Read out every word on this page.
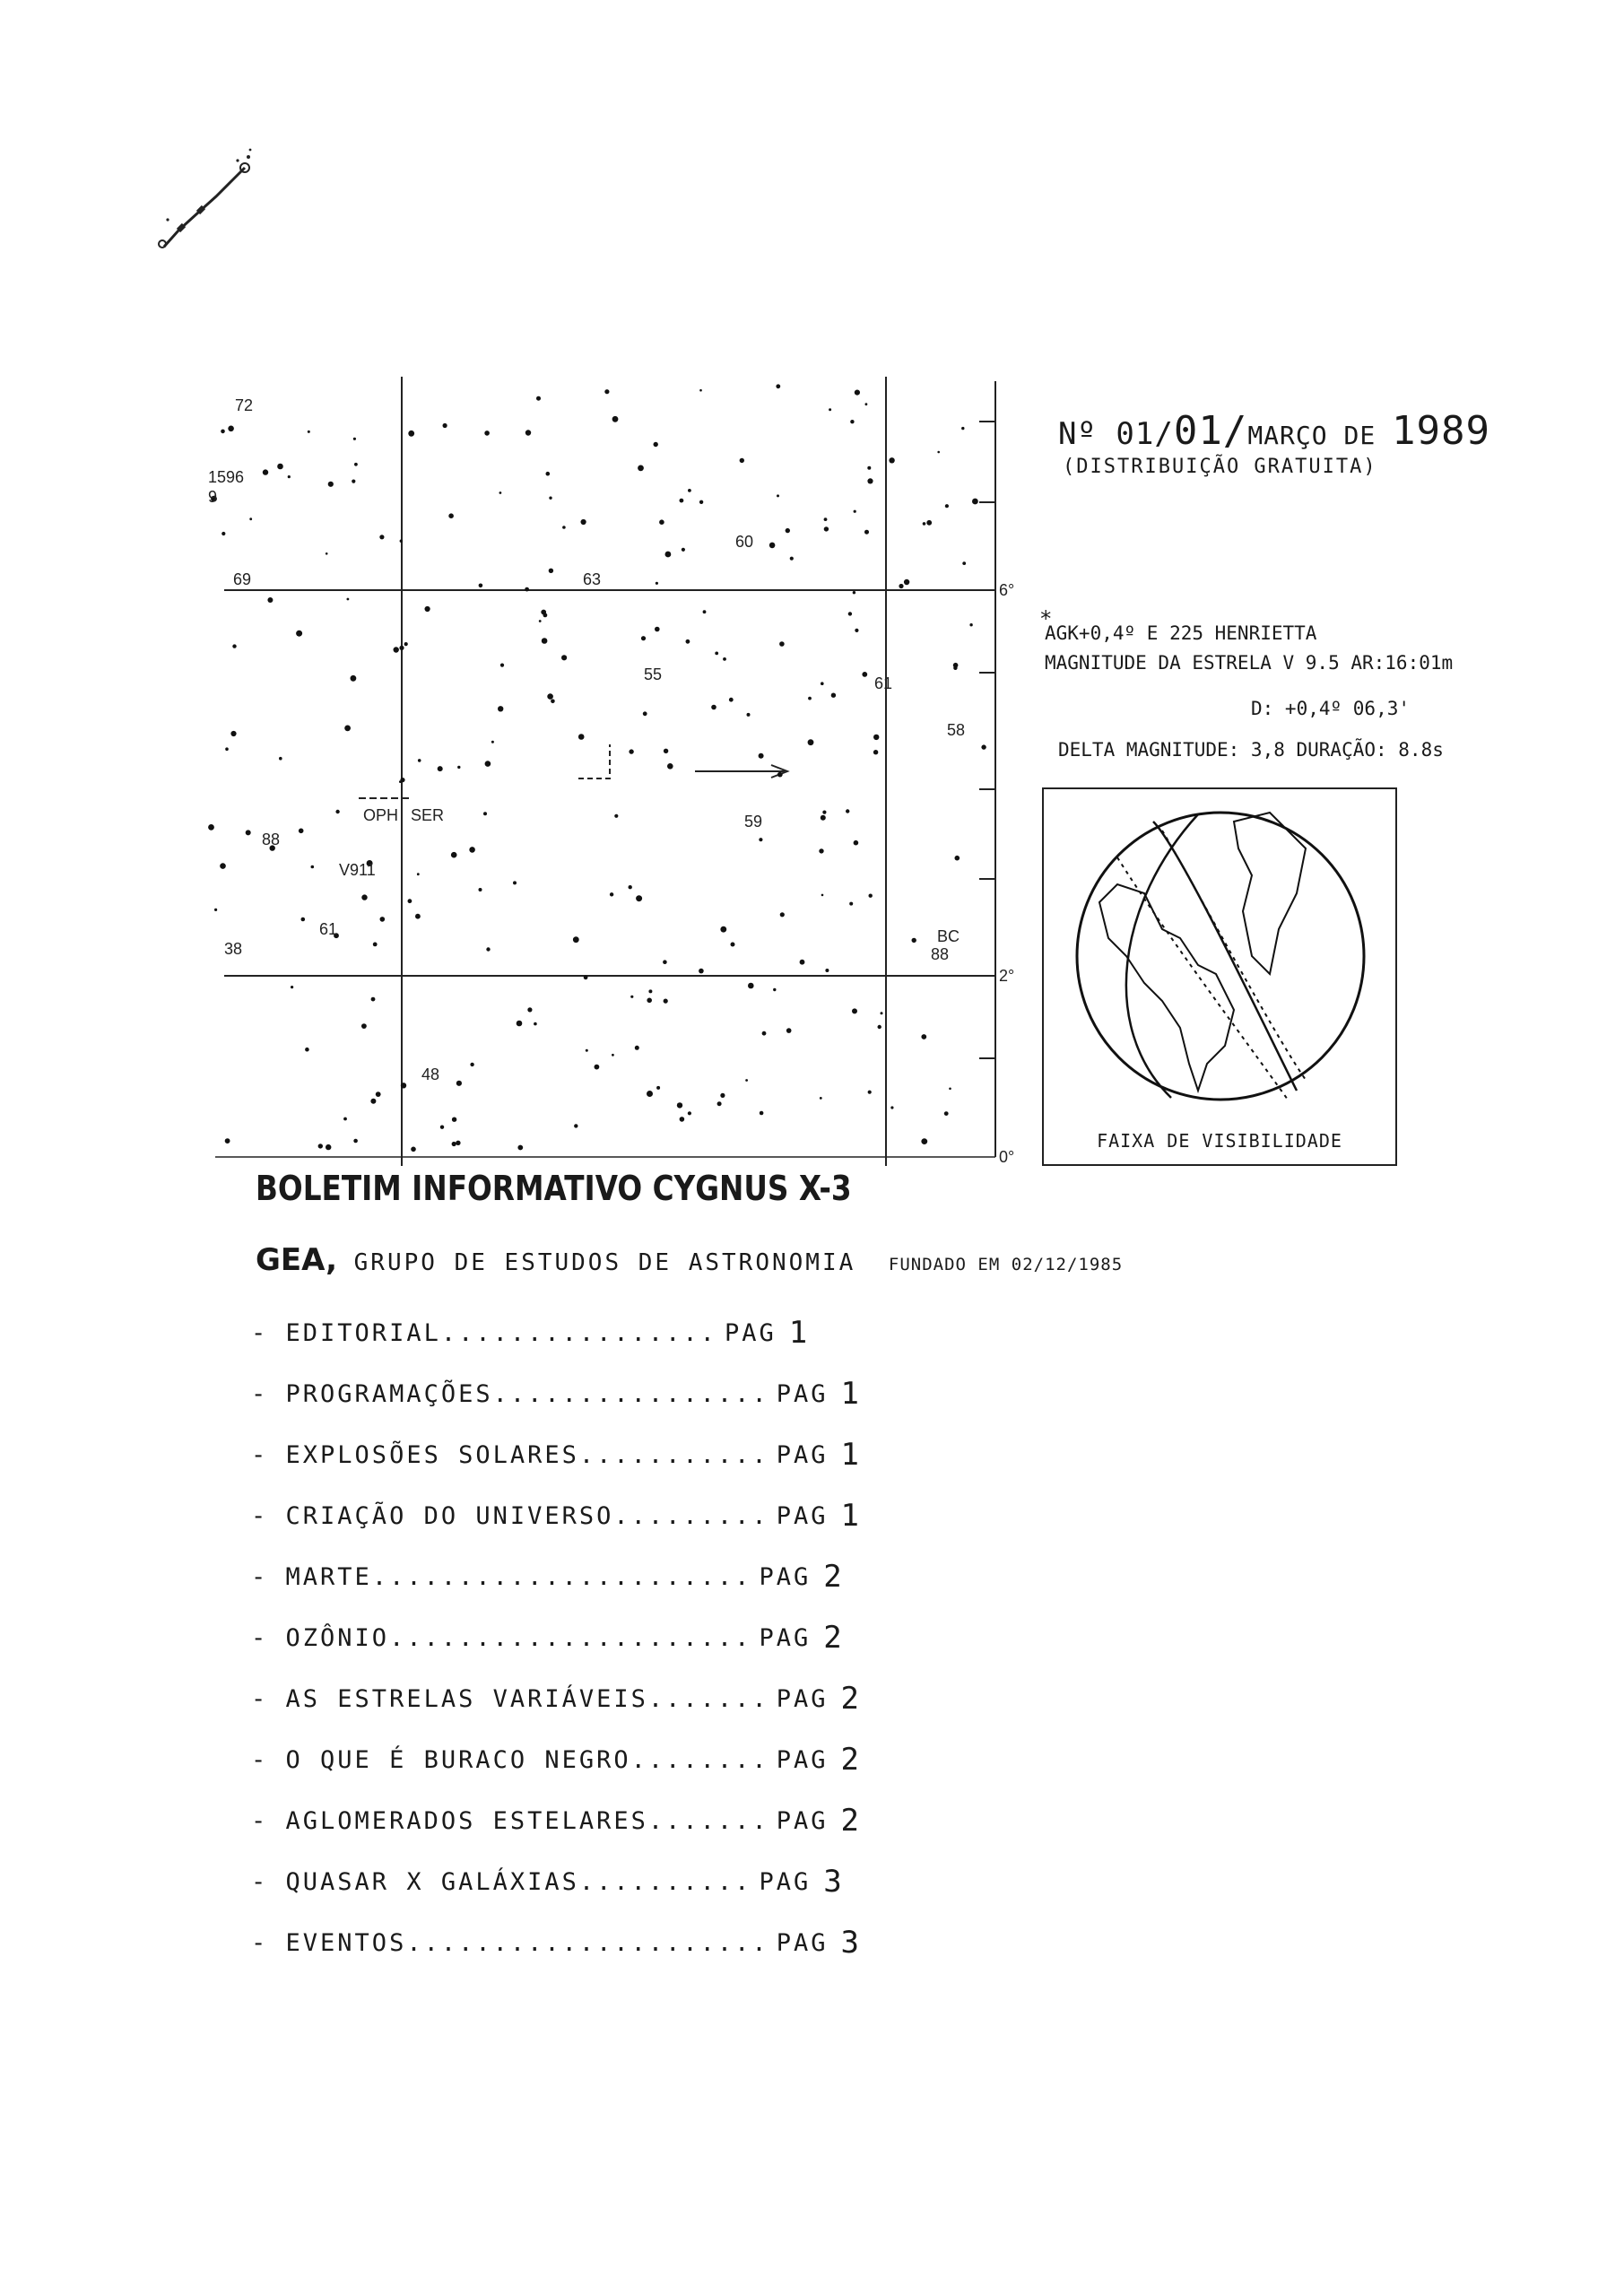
72
1596
9
69	63
60
55	61
58
59
88
V911
61
38
BC
88
48
OPH SER
6°
2°
0°
Nº 01/01/MARÇO DE 1989
(DISTRIBUIÇÃO GRATUITA)
*
AGK+0,4º E 225 HENRIETTA
MAGNITUDE DA ESTRELA V 9.5 AR:16:01m
D: +0,4º 06,3'
DELTA MAGNITUDE: 3,8 DURAÇÃO: 8.8s
FAIXA DE VISIBILIDADE
BOLETIM INFORMATIVO CYGNUS X-3
GEA, GRUPO DE ESTUDOS DE ASTRONOMIA FUNDADO EM 02/12/1985
-
EDITORIAL ................ PAG 1
-
PROGRAMAÇÕES ................ PAG 1
-
EXPLOSÕES SOLARES ........... PAG 1
-
CRIAÇÃO DO UNIVERSO ......... PAG 1
-
MARTE ...................... PAG 2
-
OZÔNIO ..................... PAG 2
-
AS ESTRELAS VARIÁVEIS ....... PAG 2
-
O QUE É BURACO NEGRO ........ PAG 2
-
AGLOMERADOS ESTELARES ....... PAG 2
-
QUASAR X GALÁXIAS .......... PAG 3
-
EVENTOS ..................... PAG 3
